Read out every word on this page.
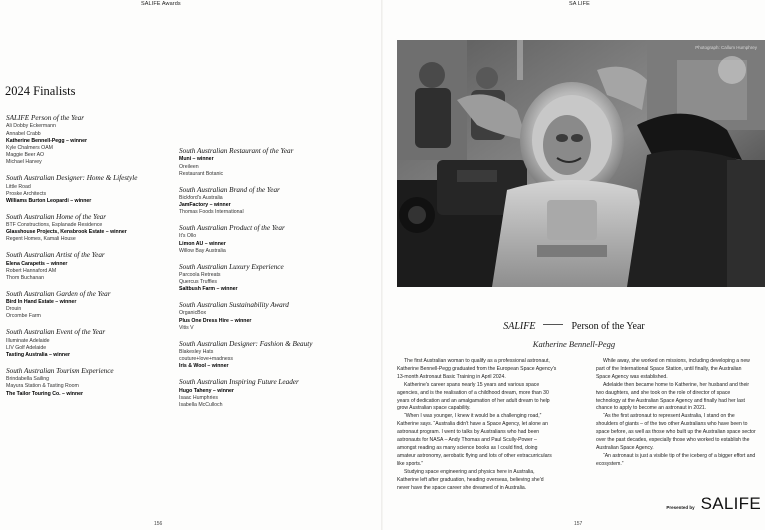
SALIFE Awards
2024 Finalists
SALIFE Person of the Year
Ali Dobby Eckermann
Annabel Crabb
Katherine Bennell-Pegg – winner
Kyle Chalmers OAM
Maggie Beer AO
Michael Harvey
South Australian Designer: Home & Lifestyle
Little Road
Proske Architects
Williams Burton Leopardi – winner
South Australian Home of the Year
BTF Constructions, Esplanade Residence
Glasshouse Projects, Kensbrook Estate – winner
Regent Homes, Kamali House
South Australian Artist of the Year
Elena Carapetis – winner
Robert Hannaford AM
Thom Buchanan
South Australian Garden of the Year
Bird In Hand Estate – winner
Drouin
Orcombe Farm
South Australian Event of the Year
Illuminate Adelaide
LIV Golf Adelaide
Tasting Australia – winner
South Australian Tourism Experience
Brindabella Sailing
Mayura Station & Tasting Room
The Tailor Touring Co. – winner
South Australian Restaurant of the Year
Muni – winner
Oreileen
Restaurant Botanic
South Australian Brand of the Year
Bickford's Australia
JamFactory – winner
Thomas Foods International
South Australian Product of the Year
It's Ollo
Limon AU – winner
Willow Bay Australia
South Australian Luxury Experience
Parcoola Retreats
Quercus Truffles
Saltbush Farm – winner
South Australian Sustainability Award
OrganicBox
Plus One Dress Hire – winner
Vitis V
South Australian Designer: Fashion & Beauty
Blakesley Hats
couture+love+madness
Iris & Wool – winner
South Australian Inspiring Future Leader
Hugo Taheny – winner
Isaac Humphries
Isabella McCulloch
156
SA LIFE
Photograph: Callum Humphrey
SALIFE	Person of the Year
Katherine Bennell-Pegg

The first Australian woman to qualify as a professional astronaut, Katherine Bennell-Pegg graduated from the European Space Agency's 13-month Astronaut Basic Training in April 2024.

Katherine's career spans nearly 15 years and various space agencies, and is the realisation of a childhood dream, more than 30 years of dedication and an amalgamation of her adult dream to help grow Australian space capability.

“When I was younger, I knew it would be a challenging road,” Katherine says. “Australia didn't have a Space Agency, let alone an astronaut program. I went to talks by Australians who had been astronauts for NASA – Andy Thomas and Paul Scully-Power – amongst reading as many science books as I could find, doing amateur astronomy, aerobatic flying and lots of other extracurriculars like sports.”

Studying space engineering and physics here in Australia, Katherine left after graduation, heading overseas, believing she'd never have the space career she dreamed of in Australia.

While away, she worked on missions, including developing a new part of the International Space Station, until finally, the Australian Space Agency was established.

Adelaide then became home to Katherine, her husband and their two daughters, and she took on the role of director of space technology at the Australian Space Agency and finally had her last chance to apply to become an astronaut in 2021.

“As the first astronaut to represent Australia, I stand on the shoulders of giants – of the two other Australians who have been to space before, as well as those who built up the Australian space sector over the past decades, especially those who worked to establish the Australian Space Agency.

“An astronaut is just a visible tip of the iceberg of a bigger effort and ecosystem.”

Presented by SALIFE
157
